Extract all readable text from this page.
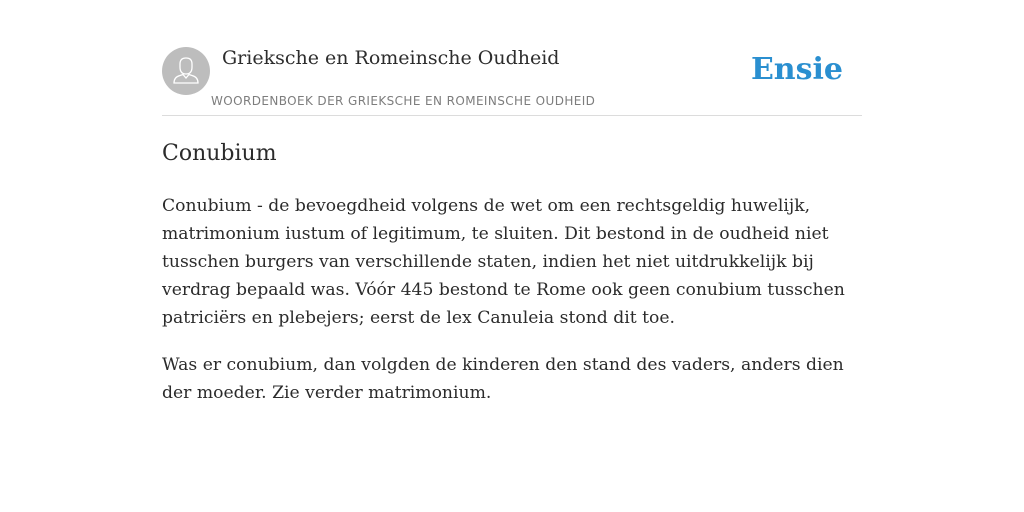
Grieksche en Romeinsche Oudheid
WOORDENBOEK DER GRIEKSCHE EN ROMEINSCHE OUDHEID
Ensie
Conubium

Conubium - de bevoegdheid volgens de wet om een rechtsgeldig huwelijk, matrimonium iustum of legitimum, te sluiten. Dit bestond in de oudheid niet tusschen burgers van verschillende staten, indien het niet uitdrukkelijk bij verdrag bepaald was. Vóór 445 bestond te Rome ook geen conubium tusschen patriciërs en plebejers; eerst de lex Canuleia stond dit toe.

Was er conubium, dan volgden de kinderen den stand des vaders, anders dien der moeder. Zie verder matrimonium.
